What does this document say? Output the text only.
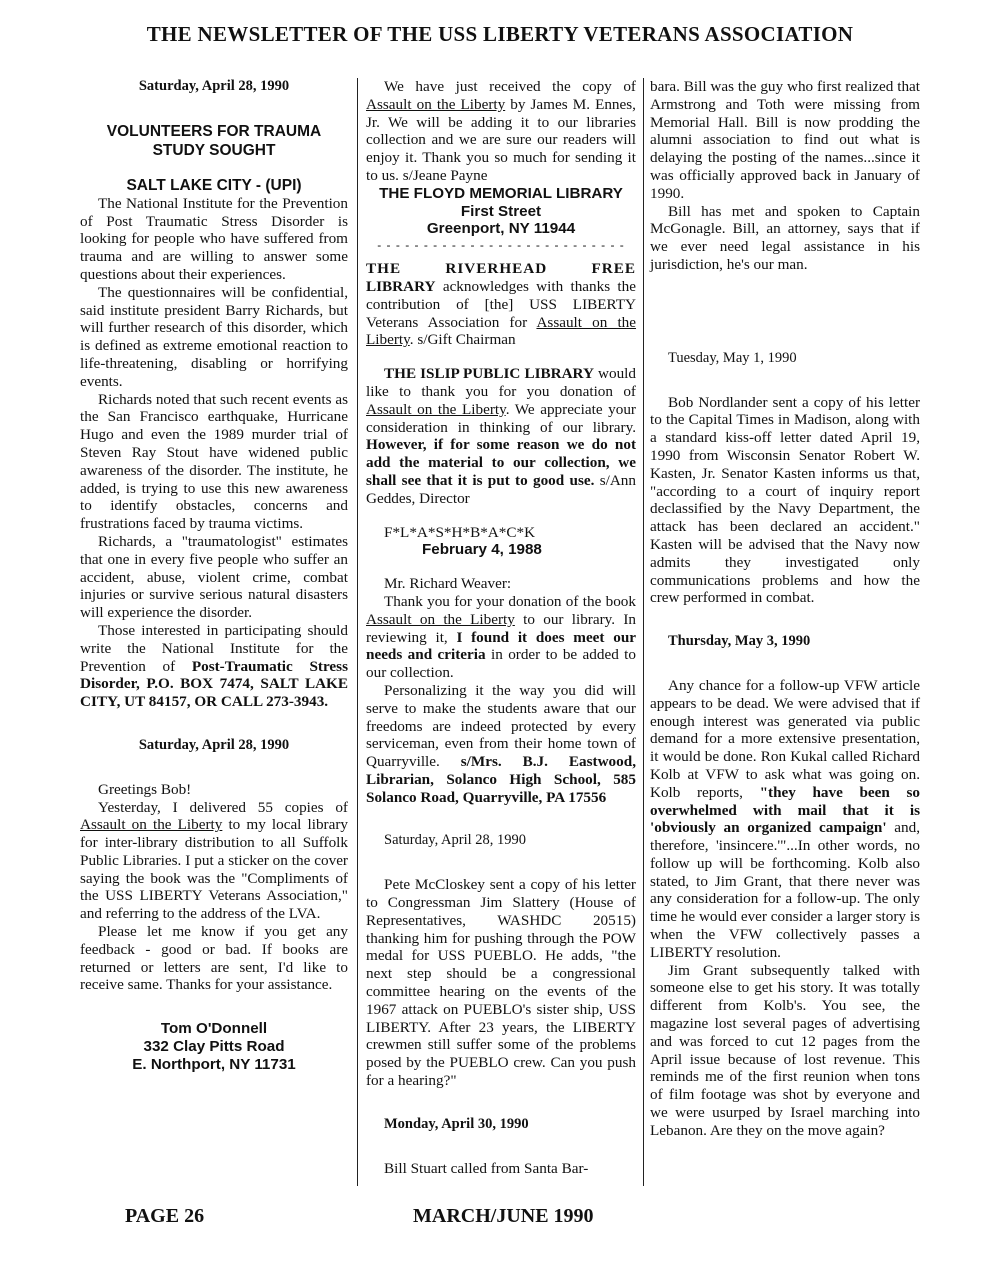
THE NEWSLETTER OF THE USS LIBERTY VETERANS ASSOCIATION
Saturday, April 28, 1990
VOLUNTEERS FOR TRAUMA
STUDY SOUGHT
SALT LAKE CITY - (UPI)

The National Institute for the Prevention of Post Traumatic Stress Disorder is looking for people who have suffered from trauma and are willing to answer some questions about their experiences.

The questionnaires will be confidential, said institute president Barry Richards, but will further research of this disorder, which is defined as extreme emotional reaction to life-threatening, disabling or horrifying events.

Richards noted that such recent events as the San Francisco earthquake, Hurricane Hugo and even the 1989 murder trial of Steven Ray Stout have widened public awareness of the disorder. The institute, he added, is trying to use this new awareness to identify obstacles, concerns and frustrations faced by trauma victims.

Richards, a "traumatologist" estimates that one in every five people who suffer an accident, abuse, violent crime, combat injuries or survive serious natural disasters will experience the disorder.

Those interested in participating should write the National Institute for the Prevention of Post-Traumatic Stress Disorder, P.O. BOX 7474, SALT LAKE CITY, UT 84157, OR CALL 273-3943.

Saturday, April 28, 1990

Greetings Bob!

Yesterday, I delivered 55 copies of Assault on the Liberty to my local library for inter-library distribution to all Suffolk Public Libraries. I put a sticker on the cover saying the book was the "Compliments of the USS LIBERTY Veterans Association," and referring to the address of the LVA.

Please let me know if you get any feedback - good or bad. If books are returned or letters are sent, I'd like to receive same. Thanks for your assistance.

Tom O'Donnell
332 Clay Pitts Road
E. Northport, NY 11731

We have just received the copy of Assault on the Liberty by James M. Ennes, Jr. We will be adding it to our libraries collection and we are sure our readers will enjoy it. Thank you so much for sending it to us. s/Jeane Payne

THE FLOYD MEMORIAL LIBRARY
First Street
Greenport, NY 11944
- - - - - - - - - - - - - - - - - - - - - - - - - - -
THE RIVERHEAD FREE

LIBRARY acknowledges with thanks the contribution of [the] USS LIBERTY Veterans Association for Assault on the Liberty. s/Gift Chairman

THE ISLIP PUBLIC LIBRARY would like to thank you for you donation of Assault on the Liberty. We appreciate your consideration in thinking of our library. However, if for some reason we do not add the material to our collection, we shall see that it is put to good use. s/Ann Geddes, Director

F*L*A*S*H*B*A*C*K

February 4, 1988

Mr. Richard Weaver:

Thank you for your donation of the book Assault on the Liberty to our library. In reviewing it, I found it does meet our needs and criteria in order to be added to our collection.

Personalizing it the way you did will serve to make the students aware that our freedoms are indeed protected by every serviceman, even from their home town of Quarryville. s/Mrs. B.J. Eastwood, Librarian, Solanco High School, 585 Solanco Road, Quarryville, PA 17556

Saturday, April 28, 1990

Pete McCloskey sent a copy of his letter to Congressman Jim Slattery (House of Representatives, WASHDC 20515) thanking him for pushing through the POW medal for USS PUEBLO. He adds, "the next step should be a congressional committee hearing on the events of the 1967 attack on PUEBLO's sister ship, USS LIBERTY. After 23 years, the LIBERTY crewmen still suffer some of the problems posed by the PUEBLO crew. Can you push for a hearing?"

Monday, April 30, 1990

Bill Stuart called from Santa Bar-

bara. Bill was the guy who first realized that Armstrong and Toth were missing from Memorial Hall. Bill is now prodding the alumni association to find out what is delaying the posting of the names...since it was officially approved back in January of 1990.

Bill has met and spoken to Captain McGonagle. Bill, an attorney, says that if we ever need legal assistance in his jurisdiction, he's our man.

Tuesday, May 1, 1990

Bob Nordlander sent a copy of his letter to the Capital Times in Madison, along with a standard kiss-off letter dated April 19, 1990 from Wisconsin Senator Robert W. Kasten, Jr. Senator Kasten informs us that, "according to a court of inquiry report declassified by the Navy Department, the attack has been declared an accident." Kasten will be advised that the Navy now admits they investigated only communications problems and how the crew performed in combat.

Thursday, May 3, 1990

Any chance for a follow-up VFW article appears to be dead. We were advised that if enough interest was generated via public demand for a more extensive presentation, it would be done. Ron Kukal called Richard Kolb at VFW to ask what was going on. Kolb reports, "they have been so overwhelmed with mail that it is 'obviously an organized campaign' and, therefore, 'insincere.'"...In other words, no follow up will be forthcoming. Kolb also stated, to Jim Grant, that there never was any consideration for a follow-up. The only time he would ever consider a larger story is when the VFW collectively passes a LIBERTY resolution.

Jim Grant subsequently talked with someone else to get his story. It was totally different from Kolb's. You see, the magazine lost several pages of advertising and was forced to cut 12 pages from the April issue because of lost revenue. This reminds me of the first reunion when tons of film footage was shot by everyone and we were usurped by Israel marching into Lebanon. Are they on the move again?

PAGE 26	MARCH/JUNE 1990
